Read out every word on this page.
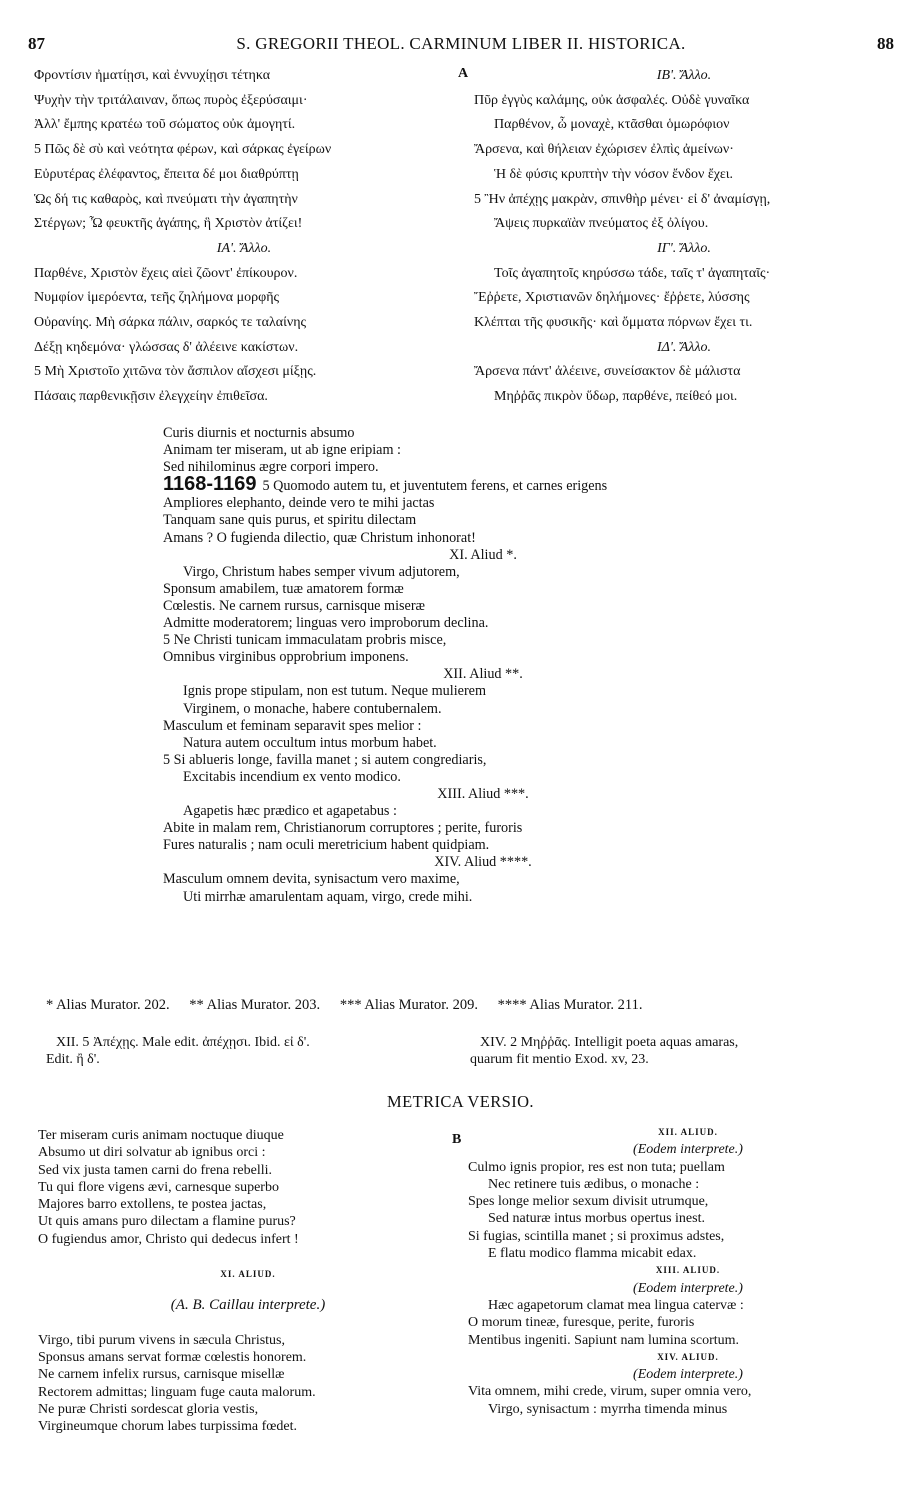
87	S. GREGORII THEOL. CARMINUM LIBER II. HISTORICA.	88
Φροντίσιν ἠματίῃσι, καὶ ἐννυχίῃσι τέτηκα
Ψυχὴν τὴν τριτάλαιναν, ὅπως πυρὸς ἐξερύσαιμι·
Ἀλλ' ἔμπης κρατέω τοῦ σώματος οὐκ ἀμογητί.
5 Πῶς δὲ σὺ καὶ νεότητα φέρων, καὶ σάρκας ἐγείρων
Εὐρυτέρας ἐλέφαντος, ἔπειτα δέ μοι διαθρύπτῃ
Ὡς δή τις καθαρὸς, καὶ πνεύματι τὴν ἀγαπητὴν
Στέργων; Ὦ φευκτῆς ἀγάπης, ἣ Χριστὸν ἀτίζει!
ΙΑ'. Ἄλλο.
Παρθένε, Χριστὸν ἔχεις αἰεὶ ζῶοντ' ἐπίκουρον.
Νυμφίον ἱμερόεντα, τεῆς ζηλήμονα μορφῆς
Οὐρανίης. Μὴ σάρκα πάλιν, σαρκός τε ταλαίνης
Δέξῃ κηδεμόνα· γλώσσας δ' ἀλέεινε κακίστων.
5 Μὴ Χριστοῖο χιτῶνα τὸν ἄσπιλον αἴσχεσι μίξῃς.
Πάσαις παρθενικῇσιν ἐλεγχείην ἐπιθεῖσα.
A	ΙΒ'. Ἄλλο.
Πῦρ ἐγγὺς καλάμης, οὐκ ἀσφαλές. Οὐδὲ γυναῖκα
Παρθένον, ὦ μοναχὲ, κτᾶσθαι ὁμωρόφιον
Ἄρσενα, καὶ θήλειαν ἐχώρισεν ἐλπὶς ἀμείνων·
Ἡ δὲ φύσις κρυπτὴν τὴν νόσον ἔνδον ἔχει.
5 Ἢν ἀπέχῃς μακρὰν, σπινθὴρ μένει· εἰ δ' ἀναμίσγῃ,
Ἄψεις πυρκαϊὰν πνεύματος ἐξ ὀλίγου.
ΙΓ'. Ἄλλο.
Τοῖς ἀγαπητοῖς κηρύσσω τάδε, ταῖς τ' ἀγαπηταῖς·
Ἔῤῥετε, Χριστιανῶν δηλήμονες· ἔῤῥετε, λύσσης
Κλέπται τῆς φυσικῆς· καὶ ὄμματα πόρνων ἔχει τι.
ΙΔ'. Ἄλλο.
Ἄρσενα πάντ' ἀλέεινε, συνείσακτον δὲ μάλιστα
Μηῤῥᾶς πικρὸν ὕδωρ, παρθένε, πείθεό μοι.
Curis diurnis et nocturnis absumo
Animam ter miseram, ut ab igne eripiam :
Sed nihilominus ægre corpori impero.
1168-1169 5 Quomodo autem tu, et juventutem ferens, et carnes erigens
Ampliores elephanto, deinde vero te mihi jactas
Tanquam sane quis purus, et spiritu dilectam
Amans ? O fugienda dilectio, quæ Christum inhonorat!
XI. Aliud *.
Virgo, Christum habes semper vivum adjutorem,
Sponsum amabilem, tuæ amatorem formæ
Cœlestis. Ne carnem rursus, carnisque miseræ
Admitte moderatorem; linguas vero improborum declina.
5 Ne Christi tunicam immaculatam probris misce,
Omnibus virginibus opprobrium imponens.
XII. Aliud **.
Ignis prope stipulam, non est tutum. Neque mulierem
Virginem, o monache, habere contubernalem.
Masculum et feminam separavit spes melior :
Natura autem occultum intus morbum habet.
5 Si ablueris longe, favilla manet ; si autem congrediaris,
Excitabis incendium ex vento modico.
XIII. Aliud ***.
Agapetis hæc prædico et agapetabus :
Abite in malam rem, Christianorum corruptores ; perite, furoris
Fures naturalis ; nam oculi meretricium habent quidpiam.
XIV. Aliud ****.
Masculum omnem devita, synisactum vero maxime,
Uti mirrhæ amarulentam aquam, virgo, crede mihi.
* Alias Murator. 202. ** Alias Murator. 203. *** Alias Murator. 209. **** Alias Murator. 211.
XII. 5 Ἀπέχῃς. Male edit. ἀπέχῃσι. Ibid. εἰ δ'.
Edit. ἢ δ'.
XIV. 2 Μηῤῥᾶς. Intelligit poeta aquas amaras,
quarum fit mentio Exod. xv, 23.
METRICA VERSIO.
Ter miseram curis animam noctuque diuque
Absumo ut diri solvatur ab ignibus orci :
Sed vix justa tamen carni do frena rebelli.
Tu qui flore vigens ævi, carnesque superbo
Majores barro extollens, te postea jactas,
Ut quis amans puro dilectam a flamine purus?
O fugiendus amor, Christo qui dedecus infert !
XI. ALIUD.
(A. B. Caillau interprete.)
Virgo, tibi purum vivens in sæcula Christus,
Sponsus amans servat formæ cœlestis honorem.
Ne carnem infelix rursus, carnisque misellæ
Rectorem admittas; linguam fuge cauta malorum.
Ne puræ Christi sordescat gloria vestis,
Virgineumque chorum labes turpissima fœdet.
B	XII. ALIUD.
(Eodem interprete.)
Culmo ignis propior, res est non tuta; puellam
Nec retinere tuis ædibus, o monache :
Spes longe melior sexum divisit utrumque,
Sed naturæ intus morbus opertus inest.
Si fugias, scintilla manet ; si proximus adstes,
E flatu modico flamma micabit edax.
XIII. ALIUD.
(Eodem interprete.)
Hæc agapetorum clamat mea lingua catervæ :
O morum tineæ, furesque, perite, furoris
Mentibus ingeniti. Sapiunt nam lumina scortum.
XIV. ALIUD.
(Eodem interprete.)
Vita omnem, mihi crede, virum, super omnia vero,
Virgo, synisactum : myrrha timenda minus
